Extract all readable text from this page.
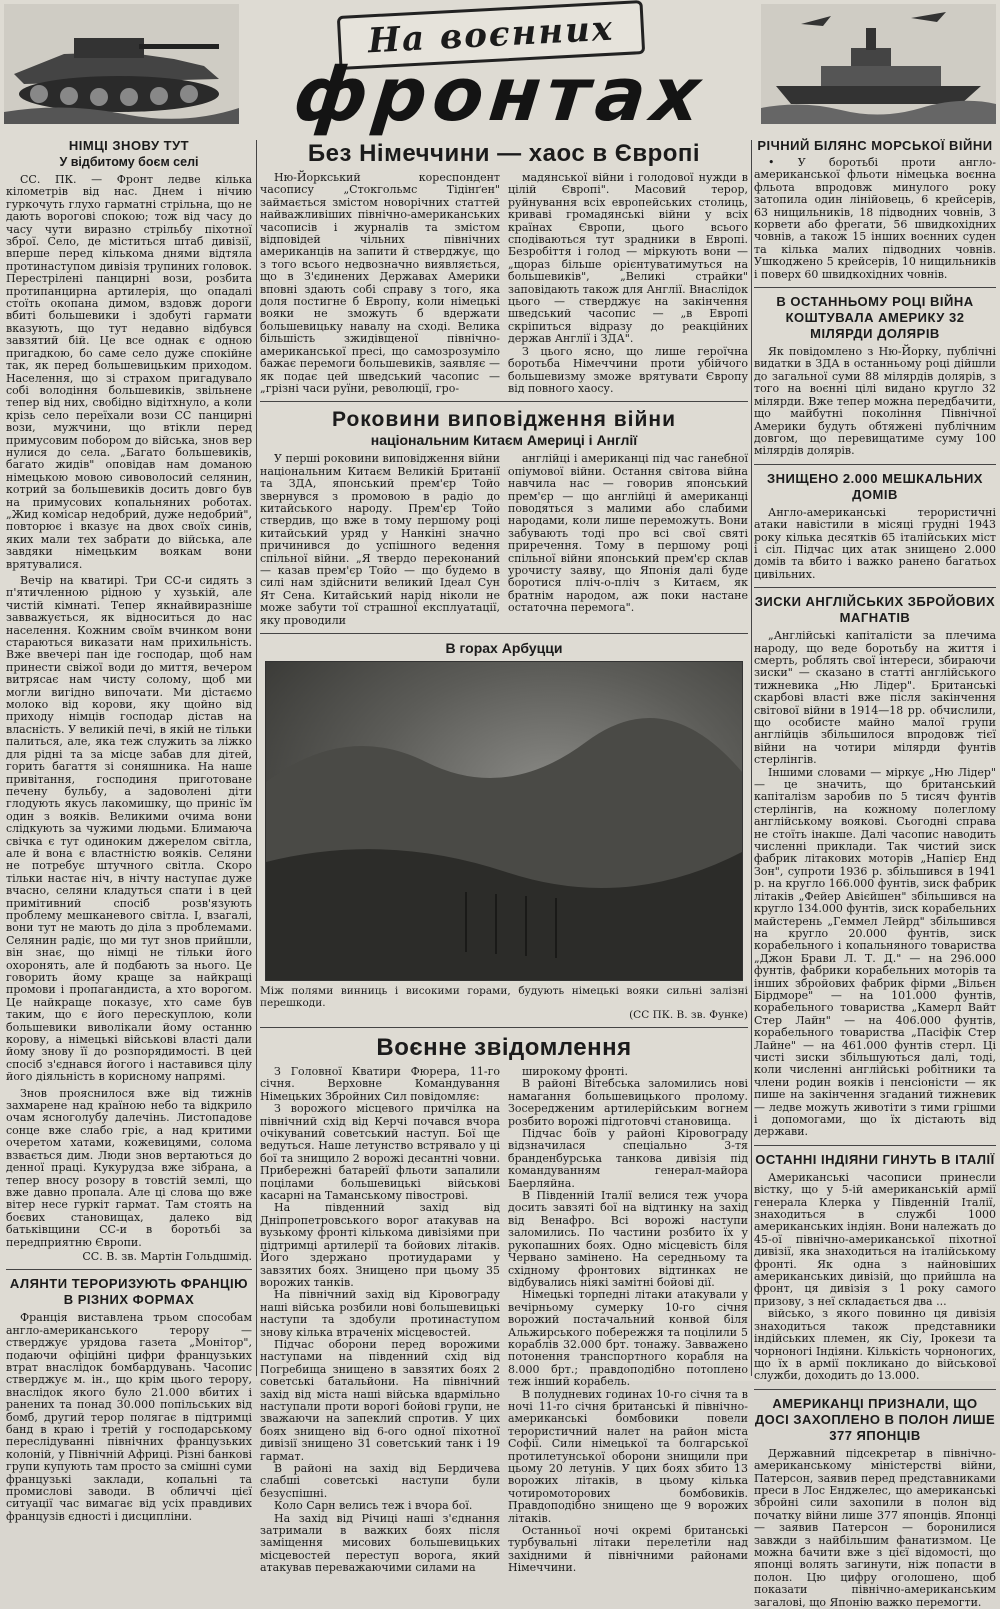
На воєнних
фронтах
НІМЦІ ЗНОВУ ТУТ
У відбитому боєм селі

СС. ПК. — Фронт ледве кілька кілометрів від нас. Днем і нічию гуркочуть глухо гарматні стрільна, що не дають ворогові спокою; тож від часу до часу чути виразно стрільбу піхотної зброї. Село, де міститься штаб дивізії, вперше перед кількома днями відтяла протинаступом дивізія трупиних головок. Перестрілені панцирні вози, розбита протипанцирна артилерія, що опадалі стоїть окопана димом, вздовж дороги вбиті большевики і здобуті гармати вказують, що тут недавно відбувся завзятий бій. Це все однак є одною пригадкою, бо саме село дуже спокійне так, як перед большевицьким приходом. Населення, що зі страхом пригадувало собі володіння большевиків, звільнене тепер від них, свобідно відітхнуло, а коли крізь село переїхали вози СС панцирні вози, мужчини, що втікли перед примусовим побором до війська, знов вер нулися до села. „Багато большевиків, багато жидів" оповідав нам доманою німецькою мовою сивоволосий селянин, котрий за большевиків досить довго був на примусових копальняних роботах. „Жид комісар недобрий, дуже недобрий", повторює і вказує на двох своїх синів, яких мали тех забрати до війська, але завдяки німецьким воякам вони врятувалися.

Вечір на кватирі. Три СС-и сидять з п'ятичленною рідною у хузькій, але чистій кімнаті. Тепер якнайвиразніше завважується, як відноситься до нас населення. Кожним своїм вчинком вони стараються виказати нам прихильність. Вже ввечері пан іде господар, щоб нам принести свіжої води до миття, вечером витрясає нам чисту солому, щоб ми могли вигідно випочати. Ми дістаємо молоко від корови, яку щойно від приходу німців господар дістав на власність. У великій печі, в якій не тільки палиться, але, яка теж служить за ліжко для рідні та за місце забав для дітей, горить багаття зі соняшника. На наше привітання, господиня приготоване печену бульбу, а задоволені діти глодують якусь лакомишку, що приніс їм один з вояків. Великими очима вони слідкують за чужими людьми. Блимаюча свічка є тут одиноким джерелом світла, але й вона є властністю вояків. Селяни не потребує штучного світла. Скоро тільки настає ніч, в нічту наступає дуже вчасно, селяни кладуться спати і в цей примітивний спосіб розв'язують проблему мешканевого світла. І, взагалі, вони тут не мають до діла з проблемами. Селянин радіє, що ми тут знов прийшли, він знає, що німці не тільки його охоронять, але й подбають за нього. Це говорить йому краще за найкращі промови і пропагандиста, а хто ворогом. Це найкраще показує, хто саме був таким, що є його перескуплою, коли большевики виволікали йому останню корову, а німецькі військові власті дали йому знову її до розпорядимості. В цей спосіб з'єднався йогого і наставився цілу його діяльність в корисному напрямі.

Знов прояснилося вже від тижнів захмарене над країною небо та відкрило очам ясноголубу далечінь. Листопадове сонце вже слабо гріє, а над критими очеретом хатами, кожевицями, солома взвається дим. Люди знов вертаються до денної праці. Кукурудза вже зібрана, а тепер вносу розору в товстій землі, що вже давно пропала. Але ці слова що вже вітер несе гуркіт гармат. Там стоять на боєвих становищах, далеко від батьківщини СС-и в боротьбі за передприятню Європи.

СС. В. зв. Мартін Гольдшмід.

АЛЯНТИ ТЕРОРИЗУЮТЬ ФРАНЦІЮ В РІЗНИХ ФОРМАХ

Франція виставлена трьом способам англо-американського терору — стверджує урядова газета „Монітор", подаючи офіційні цифри французьких втрат внаслідок бомбардувань. Часопис стверджує м. ін., що крім цього терору, внаслідок якого було 21.000 вбитих і ранених та понад 30.000 попільських від бомб, другий терор полягає в підтримці банд в краю і третій у господарському переслідуванні північних французьких колоній, у Північній Африці. Різні банкові групи купують там просто за смішні суми французькі заклади, копальні та промислові заводи. В обличчі цієї ситуації час вимагає від усіх правдивих французів єдності і дисципліни.

Без Німеччини — хаос в Європі

Ню-Йоркський кореспондент часопису „Стокгольмс Тідінґен" займається змістом новорічних статтей найважливіших північно-американських часописів і журналів та змістом відповідей чільних північних американців на запити й стверджує, що з того всього недвозначно виявляється, що в З'єдинених Державах Америки вповні здають собі справу з того, яка доля постигне б Европу, коли німецькі вояки не зможуть б вдержати большевицьку навалу на сході. Велика більшість зжидівщеної північно-американської пресі, що самозрозуміло бажає перемоги большевиків, заявляє — як подає цей шведський часопис — „грізні часи руїни, революції, гро-

мадянської війни і голодової нужди в цілій Європі". Масовий терор, руйнування всіх европейських столиць, криваві громадянські війни у всіх країнах Європи, цього всього сподіваються тут зрадники в Европі. Безробіття і голод — міркують вони — „щораз більше орієнтуватимуться на большевиків", „Великі страйки" заповідають також для Англії. Внаслідок цього — стверджує на закінчення шведський часопис — „в Европі скріпиться відразу до реакційних держав Англії і ЗДА".

З цього ясно, що лише героїчна боротьба Німеччини проти убійчого большевизму зможе врятувати Європу від повного хаосу.

Роковини виповідження війни
національним Китаєм Америці і Англії

У перші роковини виповідження війни національним Китаєм Великій Британії та ЗДА, японський прем'єр Тойо звернувся з промовою в радіо до китайського народу. Прем'єр Тойо ствердив, що вже в тому першому році китайський уряд у Нанкіні значно причинився до успішного ведення спільної війни. „Я твердо переконаний — казав прем'єр Тойо — що будемо в силі нам здійснити великий Ідеал Сун Ят Сена. Китайський нарід ніколи не може забути тої страшної експлуатації, яку проводили

англійці і американці під час ганебної опіумової війни. Остання світова війна навчила нас — говорив японський прем'єр — що англійці й американці поводяться з малими або слабими народами, коли лише переможуть. Вони забувають тоді про всі свої святі приречення. Тому в першому році спільної війни японський прем'єр склав урочисту заяву, що Японія далі буде боротися пліч-о-пліч з Китаєм, як братнім народом, аж поки настане остаточна перемога".

В горах Арбуцци

Між полями винниць і високими горами, будують німецькі вояки сильні залізні перешкоди.
(СС ПК. В. зв. Функе)

Воєнне звідомлення

З Головної Кватири Фюрера, 11-го січня. Верховне Командування Німецьких Збройних Сил повідомляє:

З ворожого місцевого причілка на північний схід від Керчі почався вчора очікуваний советський наступ. Бої ще ведуться. Наше летунство встрявало у ці бої та знищило 2 ворожі десантні човни. Прибережні батарейї фльоти запалили поцілами большевицькі військові касарні на Таманському півострові.

На південний захід від Дніпропетровського ворог атакував на вузькому фронті кількома дивізіями при підтримці артилерії та бойових літаків. Його здержано протиударами у завзятих боях. Знищено при цьому 35 ворожих танків.

На північний захід від Кіровограду наші війська розбили нові большевицькі наступи та здобули протинаступом знову кілька втраченіх місцевостей.

Підчас оборони перед ворожими наступами на південний схід від Погребища знищено в завзятих боях 2 советські батальйони. На північний захід від міста наші війська вдармільно наступали проти ворогі бойові групи, не зважаючи на запеклий спротив. У цих боях знищено від 6-ого одної піхотної дивізії знищено 31 советський танк і 19 гармат.

В районі на захід від Бердичева слабші советські наступи були безуспішні.

Коло Сарн велись теж і вчора бої.

На захід від Річиці наші з'єднання затримали в важких боях після заміщення мисових большевицьких місцевостей переступ ворога, який атакував переважаючими силами на

широкому фронті.

В районі Вітебська заломились нові намагання большевицького пролому. Зосередженим артилерійським вогнем розбито ворожі підготовчі становища.

Підчас боїв у районі Кіровограду відзначилася спеціально 3-тя бранденбурська танкова дивізія під командуванням генерал-майора Баерляйна.

В Південній Італії велися теж учора досить завзяті бої на відтинку на захід від Венафро. Всі ворожі наступи заломились. По частини розбито їх у рукопашних боях. Одно місцевість біля Червано замінено. На середньому та східному фронтових відтинках не відбувались ніякі замітні бойові дії.

Німецькі торпедні літаки атакували у вечірньому сумерку 10-го січня ворожий постачальний конвой біля Альжирського побережжя та поцілили 5 кораблів 32.000 брт. тонажу. Завважено потонення транспортного корабля на 8.000 брт.; правдоподібно потоплено теж інший корабель.

В полудневих годинах 10-го січня та в ночі 11-го січня британські й північно-американські бомбовики повели терористичний налет на район міста Софії. Сили німецької та болгарської протилетунської оборони знищили при цьому 20 летунів. У цих боях збито 13 ворожих літаків, в цьому кілька чотиромоторових бомбовиків. Правдоподібно знищено ще 9 ворожих літаків.

Останньої ночі окремі британські турбувальні літаки перелетіли над західними й північними районами Німеччини.

РІЧНИЙ БІЛЯНС МОРСЬКОЇ ВІЙНИ

• У боротьбі проти англо-американської фльоти німецька воєнна фльота впродовж минулого року затопила один лінійовець, 6 крейсерів, 63 нищильників, 18 підводних човнів, 3 корвети або фрегати, 56 швидкохідних човнів, а також 15 інших воєнних суден та кілька малих підводних човнів. Ушкоджено 5 крейсерів, 10 нищильників і поверх 60 швидкохідних човнів.

В ОСТАННЬОМУ РОЦІ ВІЙНА КОШТУВАЛА АМЕРИКУ 32 МІЛЯРДИ ДОЛЯРІВ

Як повідомлено з Ню-Йорку, публічні видатки в ЗДА в останньому році дійшли до загальної суми 88 мілярдів долярів, з того на воєнні цілі видано кругло 32 мілярди. Вже тепер можна передбачити, що майбутні покоління Північної Америки будуть обтяжені публічним довгом, що перевищатиме суму 100 мілярдів долярів.

ЗНИЩЕНО 2.000 МЕШКАЛЬНИХ ДОМІВ

Англо-американські терористичні атаки навістили в місяці грудні 1943 року кілька десятків 65 італійських міст і сіл. Підчас цих атак знищено 2.000 домів та вбито і важко ранено багатьох цивільних.

ЗИСКИ АНГЛІЙСЬКИХ ЗБРОЙОВИХ МАГНАТІВ

„Англійські капіталісти за плечима народу, що веде боротьбу на життя і смерть, роблять свої інтереси, збираючи зиски" — сказано в статті англійського тижневика „Ню Лідер". Британські скарбові власті вже після закінчення світової війни в 1914—18 рр. обчислили, що особисте майно малої групи англійців збільшилося впродовж тієї війни на чотири мілярди фунтів стерлінгів.

Іншими словами — міркує „Ню Лідер" — це значить, що британський капіталізм заробив по 5 тисяч фунтів стерлінгів, на кожному полеглому англійському воякові. Сьогодні справа не стоїть інакше. Далі часопис наводить численні приклади. Так чистий зиск фабрик літакових моторів „Напієр Енд Зон", супроти 1936 р. збільшився в 1941 р. на кругло 166.000 фунтів, зиск фабрик літаків „Фейер Авієйшен" збільшився на кругло 134.000 фунтів, зиск корабельних майстерень „Геммел Лейрд" збільшився на кругло 20.000 фунтів, зиск корабельного і копальняного товариства „Джон Брави Л. Т. Д." — на 296.000 фунтів, фабрики корабельних моторів та інших збройових фабрик фірми „Вільєн Бірдморе" — на 101.000 фунтів, корабельного товариства „Камерл Вайт Стер Лайн" — на 406.000 фунтів, корабельного товариства „Пасіфік Стер Лайне" — на 461.000 фунтів стерл. Ці чисті зиски збільшуються далі, тоді, коли численні англійські робітники та члени родин вояків і пенсіоністи — як пише на закінчення згаданий тижневик — ледве можуть животіти з тими грішми і допомогами, що їх дістають від держави.

ОСТАННІ ІНДІЯНИ ГИНУТЬ В ІТАЛІЇ

Американські часописи принесли вістку, що у 5-ій американській армії генерала Клерка у Південній Італії, знаходиться в службі 1000 американських індіян. Вони належать до 45-ої північно-американської піхотної дивізії, яка знаходиться на італійському фронті. Як одна з найновіших американських дивізій, що прийшла на фронт, ця дивізія з 1 року самого призову, з неї складається два ...

військо, з якого повинно ця дивізія знаходиться також представники індійських племен, як Сіу, Ірокези та чорноногі Індіяни. Кількість чорноногих, що їх в армії покликано до військової служби, доходить до 13.000.

АМЕРИКАНЦІ ПРИЗНАЛИ, ЩО ДОСІ ЗАХОПЛЕНО В ПОЛОН ЛИШЕ 377 ЯПОНЦІВ

Державний підсекретар в північно-американському міністерстві війни, Патерсон, заявив перед представниками преси в Лос Енджелес, що американські збройні сили захопили в полон від початку війни лише 377 японців. Японці — заявив Патерсон — боронилися завжди з найбільшим фанатизмом. Це можна бачити вже з цієї відомості, що японці волять загинути, ніж попасти в полон. Цю цифру оголошено, щоб показати північно-американським загалові, що Японію важко перемогти.
